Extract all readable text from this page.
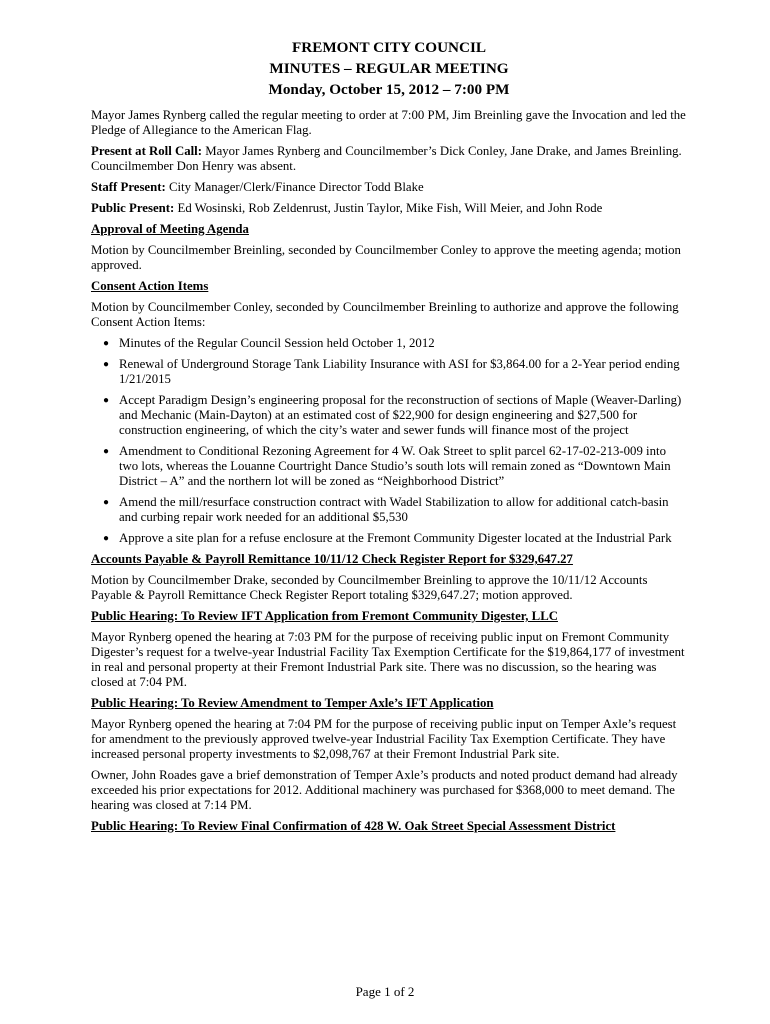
FREMONT CITY COUNCIL
MINUTES – REGULAR MEETING
Monday, October 15, 2012 – 7:00 PM

Mayor James Rynberg called the regular meeting to order at 7:00 PM, Jim Breinling gave the Invocation and led the Pledge of Allegiance to the American Flag.

Present at Roll Call: Mayor James Rynberg and Councilmember’s Dick Conley, Jane Drake, and James Breinling. Councilmember Don Henry was absent.

Staff Present: City Manager/Clerk/Finance Director Todd Blake

Public Present: Ed Wosinski, Rob Zeldenrust, Justin Taylor, Mike Fish, Will Meier, and John Rode

Approval of Meeting Agenda

Motion by Councilmember Breinling, seconded by Councilmember Conley to approve the meeting agenda; motion approved.

Consent Action Items

Motion by Councilmember Conley, seconded by Councilmember Breinling to authorize and approve the following Consent Action Items:

● Minutes of the Regular Council Session held October 1, 2012
● Renewal of Underground Storage Tank Liability Insurance with ASI for $3,864.00 for a 2-Year period ending 1/21/2015
● Accept Paradigm Design’s engineering proposal for the reconstruction of sections of Maple (Weaver-Darling) and Mechanic (Main-Dayton) at an estimated cost of $22,900 for design engineering and $27,500 for construction engineering, of which the city’s water and sewer funds will finance most of the project
● Amendment to Conditional Rezoning Agreement for 4 W. Oak Street to split parcel 62-17-02-213-009 into two lots, whereas the Louanne Courtright Dance Studio’s south lots will remain zoned as “Downtown Main District – A” and the northern lot will be zoned as “Neighborhood District”
● Amend the mill/resurface construction contract with Wadel Stabilization to allow for additional catch-basin and curbing repair work needed for an additional $5,530
● Approve a site plan for a refuse enclosure at the Fremont Community Digester located at the Industrial Park
Accounts Payable & Payroll Remittance 10/11/12 Check Register Report for $329,647.27

Motion by Councilmember Drake, seconded by Councilmember Breinling to approve the 10/11/12 Accounts Payable & Payroll Remittance Check Register Report totaling $329,647.27; motion approved.

Public Hearing: To Review IFT Application from Fremont Community Digester, LLC

Mayor Rynberg opened the hearing at 7:03 PM for the purpose of receiving public input on Fremont Community Digester’s request for a twelve-year Industrial Facility Tax Exemption Certificate for the $19,864,177 of investment in real and personal property at their Fremont Industrial Park site. There was no discussion, so the hearing was closed at 7:04 PM.

Public Hearing: To Review Amendment to Temper Axle’s IFT Application

Mayor Rynberg opened the hearing at 7:04 PM for the purpose of receiving public input on Temper Axle’s request for amendment to the previously approved twelve-year Industrial Facility Tax Exemption Certificate. They have increased personal property investments to $2,098,767 at their Fremont Industrial Park site.

Owner, John Roades gave a brief demonstration of Temper Axle’s products and noted product demand had already exceeded his prior expectations for 2012. Additional machinery was purchased for $368,000 to meet demand. The hearing was closed at 7:14 PM.

Public Hearing: To Review Final Confirmation of 428 W. Oak Street Special Assessment District
Page 1 of 2
